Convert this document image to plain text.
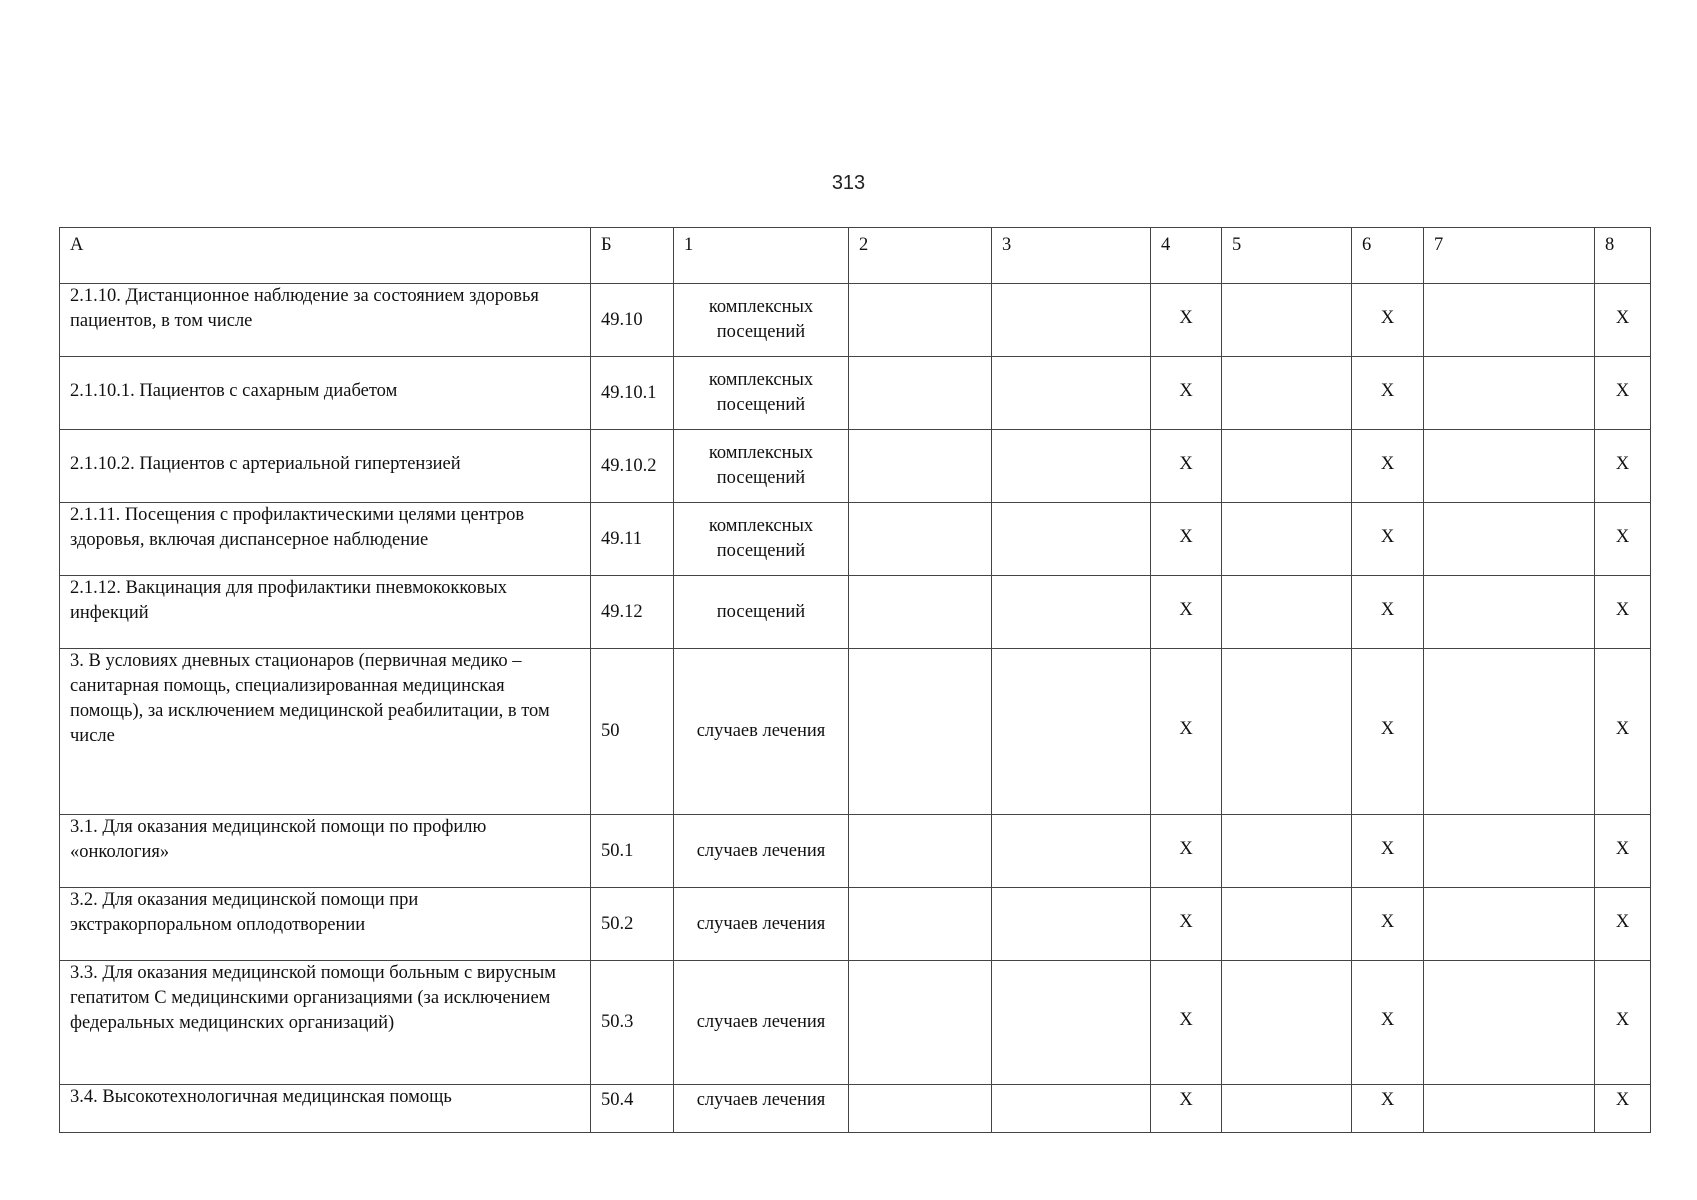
313
А	Б	1	2	3	4	5	6	7	8
2.1.10. Дистанционное наблюдение за состоянием здоровья пациентов, в том числе	49.10	комплексных посещений			Х		Х		Х
2.1.10.1. Пациентов с сахарным диабетом	49.10.1	комплексных посещений			Х		Х		Х
2.1.10.2. Пациентов с артериальной гипертензией	49.10.2	комплексных посещений			Х		Х		Х
2.1.11. Посещения с профилактическими целями центров здоровья, включая диспансерное наблюдение	49.11	комплексных посещений			Х		Х		Х
2.1.12. Вакцинация для профилактики пневмококковых инфекций	49.12	посещений			Х		Х		Х
3. В условиях дневных стационаров (первичная медико – санитарная помощь, специализированная медицинская помощь), за исключением медицинской реабилитации, в том числе	50	случаев лечения			Х		Х		Х
3.1. Для оказания медицинской помощи по профилю «онкология»	50.1	случаев лечения			Х		Х		Х
3.2. Для оказания медицинской помощи при экстракорпоральном оплодотворении	50.2	случаев лечения			Х		Х		Х
3.3. Для оказания медицинской помощи больным с вирусным гепатитом С медицинскими организациями (за исключением федеральных медицинских организаций)	50.3	случаев лечения			Х		Х		Х
3.4. Высокотехнологичная медицинская помощь	50.4	случаев лечения			Х		Х		Х
